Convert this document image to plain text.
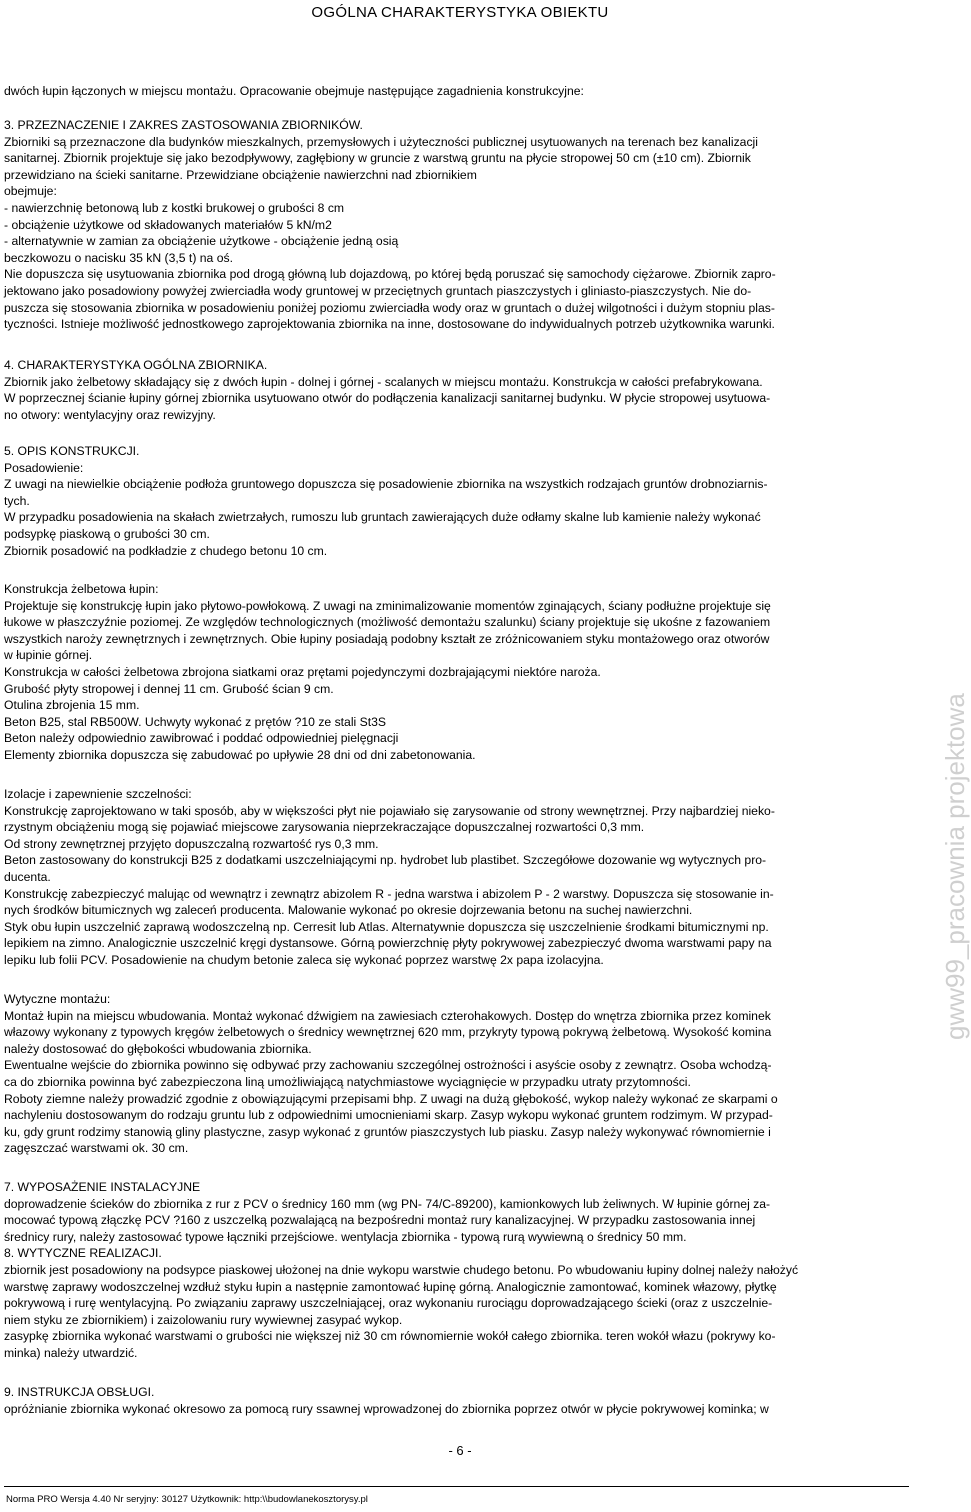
OGÓLNA CHARAKTERYSTYKA OBIEKTU

dwóch łupin łączonych w miejscu montażu. Opracowanie obejmuje następujące zagadnienia konstrukcyjne:

3. PRZEZNACZENIE I ZAKRES ZASTOSOWANIA ZBIORNIKÓW.

Zbiorniki są przeznaczone dla budynków mieszkalnych, przemysłowych i użyteczności publicznej usytuowanych na terenach bez kanalizacji

sanitarnej. Zbiornik projektuje się jako bezodpływowy, zagłębiony w gruncie z warstwą gruntu na płycie stropowej 50 cm (±10 cm). Zbiornik

przewidziano na ścieki sanitarne. Przewidziane obciążenie nawierzchni nad zbiornikiem

obejmuje:

- nawierzchnię betonową lub z kostki brukowej o grubości 8 cm

- obciążenie użytkowe od składowanych materiałów 5 kN/m2

- alternatywnie w zamian za obciążenie użytkowe - obciążenie jedną osią

beczkowozu o nacisku 35 kN (3,5 t) na oś.

Nie dopuszcza się usytuowania zbiornika pod drogą główną lub dojazdową, po której będą poruszać się samochody ciężarowe. Zbiornik zapro-

jektowano jako posadowiony powyżej zwierciadła wody gruntowej w przeciętnych gruntach piaszczystych i gliniasto-piaszczystych. Nie do-

puszcza się stosowania zbiornika w posadowieniu poniżej poziomu zwierciadła wody oraz w gruntach o dużej wilgotności i dużym stopniu plas-

tyczności. Istnieje możliwość jednostkowego zaprojektowania zbiornika na inne, dostosowane do indywidualnych potrzeb użytkownika warunki.

4. CHARAKTERYSTYKA OGÓLNA ZBIORNIKA.

Zbiornik jako żelbetowy składający się z dwóch łupin - dolnej i górnej - scalanych w miejscu montażu. Konstrukcja w całości prefabrykowana.

W poprzecznej ścianie łupiny górnej zbiornika usytuowano otwór do podłączenia kanalizacji sanitarnej budynku. W płycie stropowej usytuowa-

no otwory: wentylacyjny oraz rewizyjny.

5. OPIS KONSTRUKCJI.

Posadowienie:

Z uwagi na niewielkie obciążenie podłoża gruntowego dopuszcza się posadowienie zbiornika na wszystkich rodzajach gruntów drobnoziarnis-

tych.

W przypadku posadowienia na skałach zwietrzałych, rumoszu lub gruntach zawierających duże odłamy skalne lub kamienie należy wykonać

podsypkę piaskową o grubości 30 cm.

Zbiornik posadowić na podkładzie z chudego betonu 10 cm.

Konstrukcja żelbetowa łupin:

Projektuje się konstrukcję łupin jako płytowo-powłokową. Z uwagi na zminimalizowanie momentów zginających, ściany podłużne projektuje się

łukowe w płaszczyźnie poziomej. Ze względów technologicznych (możliwość demontażu szalunku) ściany projektuje się ukośne z fazowaniem

wszystkich naroży zewnętrznych i zewnętrznych. Obie łupiny posiadają podobny kształt ze zróżnicowaniem styku montażowego oraz otworów

w łupinie górnej.

Konstrukcja w całości żelbetowa zbrojona siatkami oraz prętami pojedynczymi dozbrajającymi niektóre naroża.

Grubość płyty stropowej i dennej 11 cm. Grubość ścian 9 cm.

Otulina zbrojenia 15 mm.

Beton B25, stal RB500W. Uchwyty wykonać z prętów ?10 ze stali St3S

Beton należy odpowiednio zawibrować i poddać odpowiedniej pielęgnacji

Elementy zbiornika dopuszcza się zabudować po upływie 28 dni od dni zabetonowania.

Izolacje i zapewnienie szczelności:

Konstrukcję zaprojektowano w taki sposób, aby w większości płyt nie pojawiało się zarysowanie od strony wewnętrznej. Przy najbardziej nieko-

rzystnym obciążeniu mogą się pojawiać miejscowe zarysowania nieprzekraczające dopuszczalnej rozwartości 0,3 mm.

Od strony zewnętrznej przyjęto dopuszczalną rozwartość rys 0,3 mm.

Beton zastosowany do konstrukcji B25 z dodatkami uszczelniającymi np. hydrobet lub plastibet. Szczegółowe dozowanie wg wytycznych pro-

ducenta.

Konstrukcję zabezpieczyć malując od wewnątrz i zewnątrz abizolem R - jedna warstwa i abizolem P - 2 warstwy. Dopuszcza się stosowanie in-

nych środków bitumicznych wg zaleceń producenta. Malowanie wykonać po okresie dojrzewania betonu na suchej nawierzchni.

Styk obu łupin uszczelnić zaprawą wodoszczelną np. Cerresit lub Atlas. Alternatywnie dopuszcza się uszczelnienie środkami bitumicznymi np.

lepikiem na zimno. Analogicznie uszczelnić kręgi dystansowe. Górną powierzchnię płyty pokrywowej zabezpieczyć dwoma warstwami papy na

lepiku lub folii PCV. Posadowienie na chudym betonie zaleca się wykonać poprzez warstwę 2x papa izolacyjna.

Wytyczne montażu:

Montaż łupin na miejscu wbudowania. Montaż wykonać dźwigiem na zawiesiach czterohakowych. Dostęp do wnętrza zbiornika przez kominek

włazowy wykonany z typowych kręgów żelbetowych o średnicy wewnętrznej 620 mm, przykryty typową pokrywą żelbetową. Wysokość komina

należy dostosować do głębokości wbudowania zbiornika.

Ewentualne wejście do zbiornika powinno się odbywać przy zachowaniu szczególnej ostrożności i asyście osoby z zewnątrz. Osoba wchodzą-

ca do zbiornika powinna być zabezpieczona liną umożliwiającą natychmiastowe wyciągnięcie w przypadku utraty przytomności.

Roboty ziemne należy prowadzić zgodnie z obowiązującymi przepisami bhp. Z uwagi na dużą głębokość, wykop należy wykonać ze skarpami o

nachyleniu dostosowanym do rodzaju gruntu lub z odpowiednimi umocnieniami skarp. Zasyp wykopu wykonać gruntem rodzimym. W przypad-

ku, gdy grunt rodzimy stanowią gliny plastyczne, zasyp wykonać z gruntów piaszczystych lub piasku. Zasyp należy wykonywać równomiernie i

zagęszczać warstwami ok. 30 cm.

7. WYPOSAŻENIE INSTALACYJNE

doprowadzenie ścieków do zbiornika z rur z PCV o średnicy 160 mm (wg PN- 74/C-89200), kamionkowych lub żeliwnych. W łupinie górnej za-

mocować typową złączkę PCV ?160 z uszczelką pozwalającą na bezpośredni montaż rury kanalizacyjnej. W przypadku zastosowania innej

średnicy rury, należy zastosować typowe łączniki przejściowe. wentylacja zbiornika - typową rurą wywiewną o średnicy 50 mm.

8. WYTYCZNE REALIZACJI.

zbiornik jest posadowiony na podsypce piaskowej ułożonej na dnie wykopu warstwie chudego betonu. Po wbudowaniu łupiny dolnej należy nałożyć

warstwę zaprawy wodoszczelnej wzdłuż styku łupin a następnie zamontować łupinę górną. Analogicznie zamontować, kominek włazowy, płytkę

pokrywową i rurę wentylacyjną. Po związaniu zaprawy uszczelniającej, oraz wykonaniu rurociągu doprowadzającego ścieki (oraz z uszczelnie-

niem styku ze zbiornikiem) i zaizolowaniu rury wywiewnej zasypać wykop.

zasypkę zbiornika wykonać warstwami o grubości nie większej niż 30 cm równomiernie wokół całego zbiornika. teren wokół włazu (pokrywy ko-

minka) należy utwardzić.

9. INSTRUKCJA OBSŁUGI.

opróżnianie zbiornika wykonać okresowo za pomocą rury ssawnej wprowadzonej do zbiornika poprzez otwór w płycie pokrywowej kominka; w

gww99_pracownia projektowa
- 6 -
Norma PRO Wersja 4.40 Nr seryjny: 30127 Użytkownik: http:\\budowlanekosztorysy.pl
